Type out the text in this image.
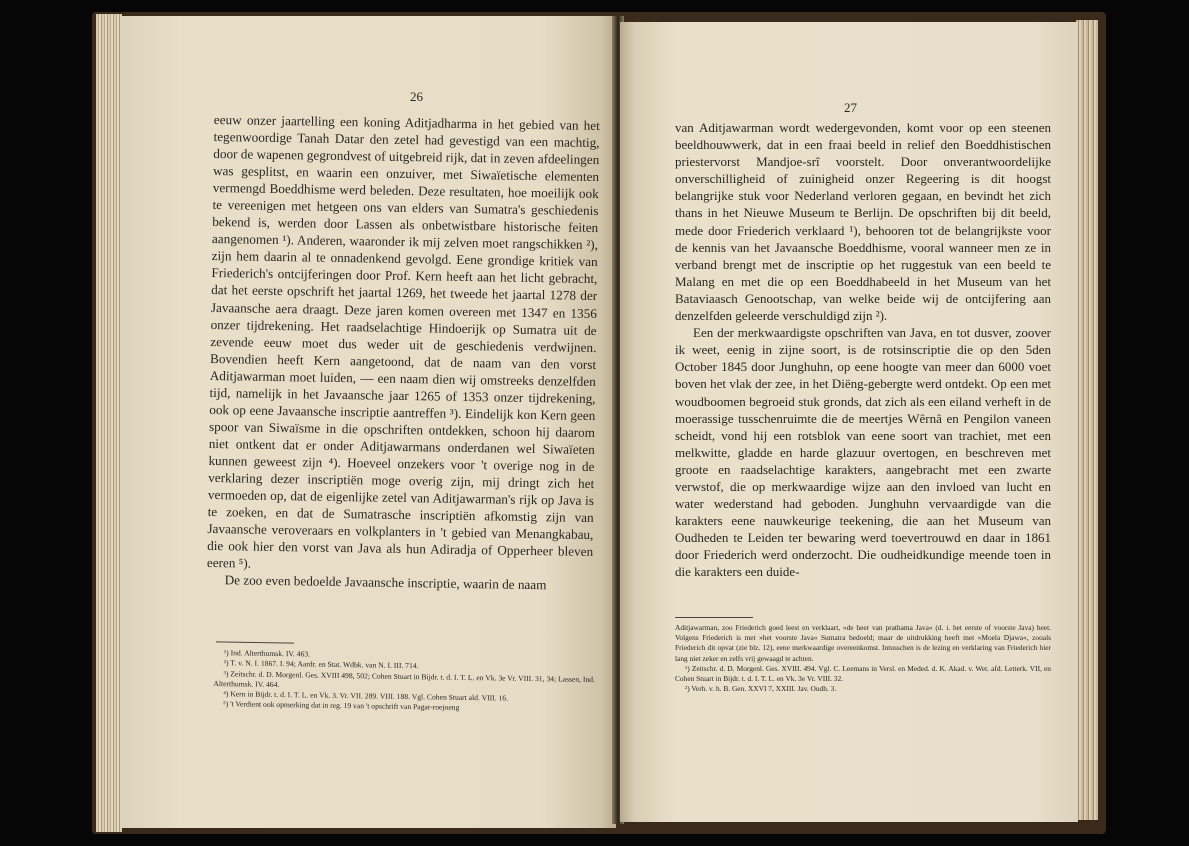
26

eeuw onzer jaartelling een koning Aditjadharma in het gebied van het tegenwoordige Tanah Datar den zetel had gevestigd van een machtig, door de wapenen gegrondvest of uitgebreid rijk, dat in zeven afdeelingen was gesplitst, en waarin een onzuiver, met Siwaïetische elementen vermengd Boeddhisme werd beleden. Deze resultaten, hoe moeilijk ook te vereenigen met hetgeen ons van elders van Sumatra's geschiedenis bekend is, werden door Lassen als onbetwistbare historische feiten aangenomen ¹). Anderen, waaronder ik mij zelven moet rangschikken ²), zijn hem daarin al te onnadenkend gevolgd. Eene grondige kritiek van Friederich's ontcijferingen door Prof. Kern heeft aan het licht gebracht, dat het eerste opschrift het jaartal 1269, het tweede het jaartal 1278 der Javaansche aera draagt. Deze jaren komen overeen met 1347 en 1356 onzer tijdrekening. Het raadselachtige Hindoerijk op Sumatra uit de zevende eeuw moet dus weder uit de geschiedenis verdwijnen. Bovendien heeft Kern aangetoond, dat de naam van den vorst Aditjawarman moet luiden, — een naam dien wij omstreeks denzelfden tijd, namelijk in het Javaansche jaar 1265 of 1353 onzer tijdrekening, ook op eene Javaansche inscriptie aantreffen ³). Eindelijk kon Kern geen spoor van Siwaïsme in die opschriften ontdekken, schoon hij daarom niet ontkent dat er onder Aditjawarmans onderdanen wel Siwaïeten kunnen geweest zijn ⁴). Hoeveel onzekers voor 't overige nog in de verklaring dezer inscriptiën moge overig zijn, mij dringt zich het vermoeden op, dat de eigenlijke zetel van Aditjawarman's rijk op Java is te zoeken, en dat de Sumatrasche inscriptiën afkomstig zijn van Javaansche veroveraars en volkplanters in 't gebied van Menangkabau, die ook hier den vorst van Java als hun Adiradja of Opperheer bleven eeren ⁵).

De zoo even bedoelde Javaansche inscriptie, waarin de naam

¹) Ind. Alterthumsk. IV. 463.

²) T. v. N. I. 1867. I. 94; Aardr. en Stat. Wdbk. van N. I. III. 714.

³) Zeitschr. d. D. Morgenl. Ges. XVIII 498, 502; Cohen Stuart in Bijdr. t. d. I. T. L. en Vk. 3e Vr. VIII. 31, 34; Lassen, Ind. Alterthumsk. IV. 464.

⁴) Kern in Bijdr. t. d. I. T. L. en Vk. 3. Vr. VII. 289. VIII. 188. Vgl. Cohen Stuart ald. VIII. 16.

⁵) 't Verdient ook opmerking dat in reg. 19 van 't opschrift van Pagar-roejoeng

27

van Aditjawarman wordt wedergevonden, komt voor op een steenen beeldhouwwerk, dat in een fraai beeld in relief den Boeddhistischen priestervorst Mandjoe-srî voorstelt. Door onverantwoordelijke onverschilligheid of zuinigheid onzer Regeering is dit hoogst belangrijke stuk voor Nederland verloren gegaan, en bevindt het zich thans in het Nieuwe Museum te Berlijn. De opschriften bij dit beeld, mede door Friederich verklaard ¹), behooren tot de belangrijkste voor de kennis van het Javaansche Boeddhisme, vooral wanneer men ze in verband brengt met de inscriptie op het ruggestuk van een beeld te Malang en met die op een Boeddhabeeld in het Museum van het Bataviaasch Genootschap, van welke beide wij de ontcijfering aan denzelfden geleerde verschuldigd zijn ²).

Een der merkwaardigste opschriften van Java, en tot dusver, zoover ik weet, eenig in zijne soort, is de rotsinscriptie die op den 5den October 1845 door Junghuhn, op eene hoogte van meer dan 6000 voet boven het vlak der zee, in het Diëng-gebergte werd ontdekt. Op een met woudboomen begroeid stuk gronds, dat zich als een eiland verheft in de moerassige tusschenruimte die de meertjes Wêrnâ en Pengilon vaneen scheidt, vond hij een rotsblok van eene soort van trachiet, met een melkwitte, gladde en harde glazuur overtogen, en beschreven met groote en raadselachtige karakters, aangebracht met een zwarte verwstof, die op merkwaardige wijze aan den invloed van lucht en water wederstand had geboden. Junghuhn vervaardigde van die karakters eene nauwkeurige teekening, die aan het Museum van Oudheden te Leiden ter bewaring werd toevertrouwd en daar in 1861 door Friederich werd onderzocht. Die oudheidkundige meende toen in die karakters een duide-

Aditjawarman, zoo Friederich goed leest en verklaart, »de heer van prathama Java« (d. i. het eerste of voorste Java) heet. Volgens Friederich is met »het voorste Java« Sumatra bedoeld; maar de uitdrukking heeft met »Moela Djawa«, zooals Friederich dit opvat (zie blz. 12), eene merkwaardige overeenkomst. Intusschen is de lezing en verklaring van Friederich hier lang niet zeker en zelfs vrij gewaagd te achten.

¹) Zeitschr. d. D. Morgenl. Ges. XVIII. 494. Vgl. C. Leemans in Versl. en Meded. d. K. Akad. v. Wet. afd. Letterk. VII, en Cohen Stuart in Bijdr. t. d. I. T. L. en Vk. 3e Vr. VIII. 32.

²) Verh. v. h. B. Gen. XXVI 7, XXIII. Jav. Oudh. 3.
